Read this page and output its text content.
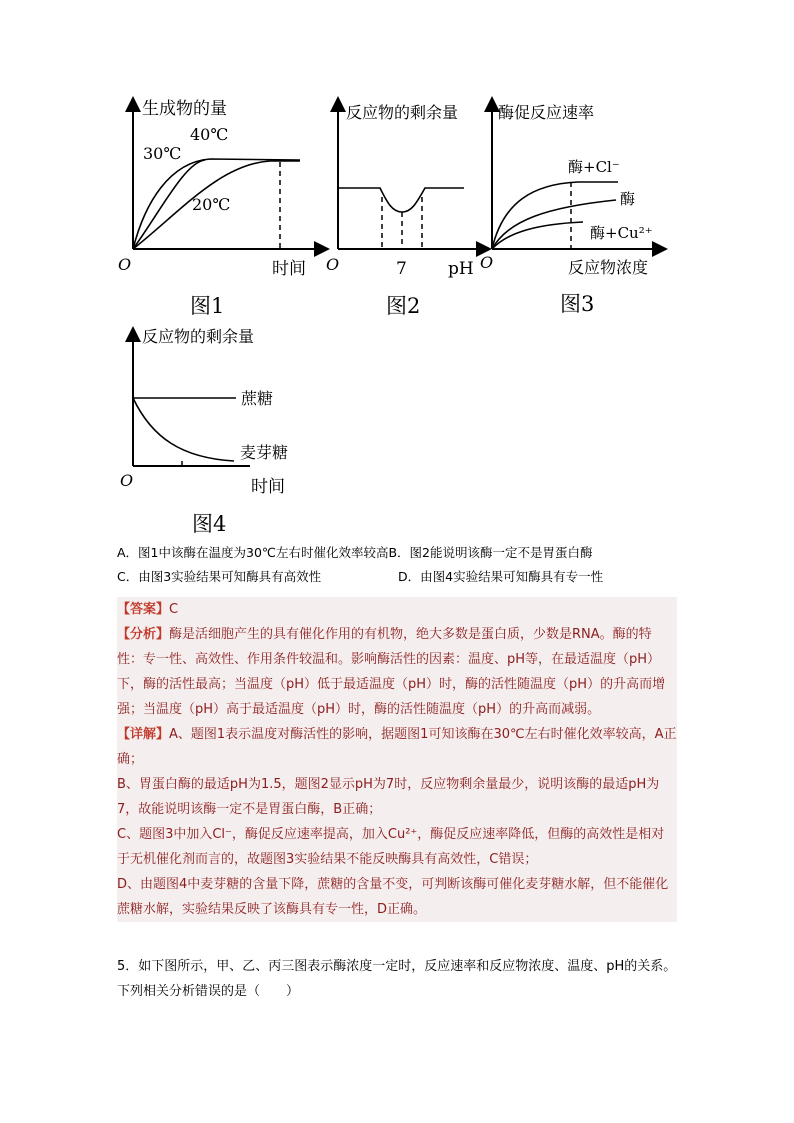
生成物的量
30℃
40℃
20℃
O	时间
图1
反应物的剩余量
O	7 pH
图2
酶促反应速率
酶+Cl⁻
酶
酶+Cu²⁺
O	反应物浓度
图3
反应物的剩余量
蔗糖
麦芽糖
O	时间
图4
A．图1中该酶在温度为30℃左右时催化效率较高B．图2能说明该酶一定不是胃蛋白酶
C．由图3实验结果可知酶具有高效性	D．由图4实验结果可知酶具有专一性

【答案】C

【分析】酶是活细胞产生的具有催化作用的有机物，绝大多数是蛋白质，少数是RNA。酶的特性：专一性、高效性、作用条件较温和。影响酶活性的因素：温度、pH等，在最适温度（pH）下，酶的活性最高；当温度（pH）低于最适温度（pH）时，酶的活性随温度（pH）的升高而增强；当温度（pH）高于最适温度（pH）时，酶的活性随温度（pH）的升高而减弱。

【详解】A、题图1表示温度对酶活性的影响，据题图1可知该酶在30℃左右时催化效率较高，A正确；

B、胃蛋白酶的最适pH为1.5，题图2显示pH为7时，反应物剩余量最少，说明该酶的最适pH为7，故能说明该酶一定不是胃蛋白酶，B正确；

C、题图3中加入Cl⁻，酶促反应速率提高，加入Cu²⁺，酶促反应速率降低，但酶的高效性是相对于无机催化剂而言的，故题图3实验结果不能反映酶具有高效性，C错误；

D、由题图4中麦芽糖的含量下降，蔗糖的含量不变，可判断该酶可催化麦芽糖水解，但不能催化蔗糖水解，实验结果反映了该酶具有专一性，D正确。

5．如下图所示，甲、乙、丙三图表示酶浓度一定时，反应速率和反应物浓度、温度、pH的关系。下列相关分析错误的是（　　）
